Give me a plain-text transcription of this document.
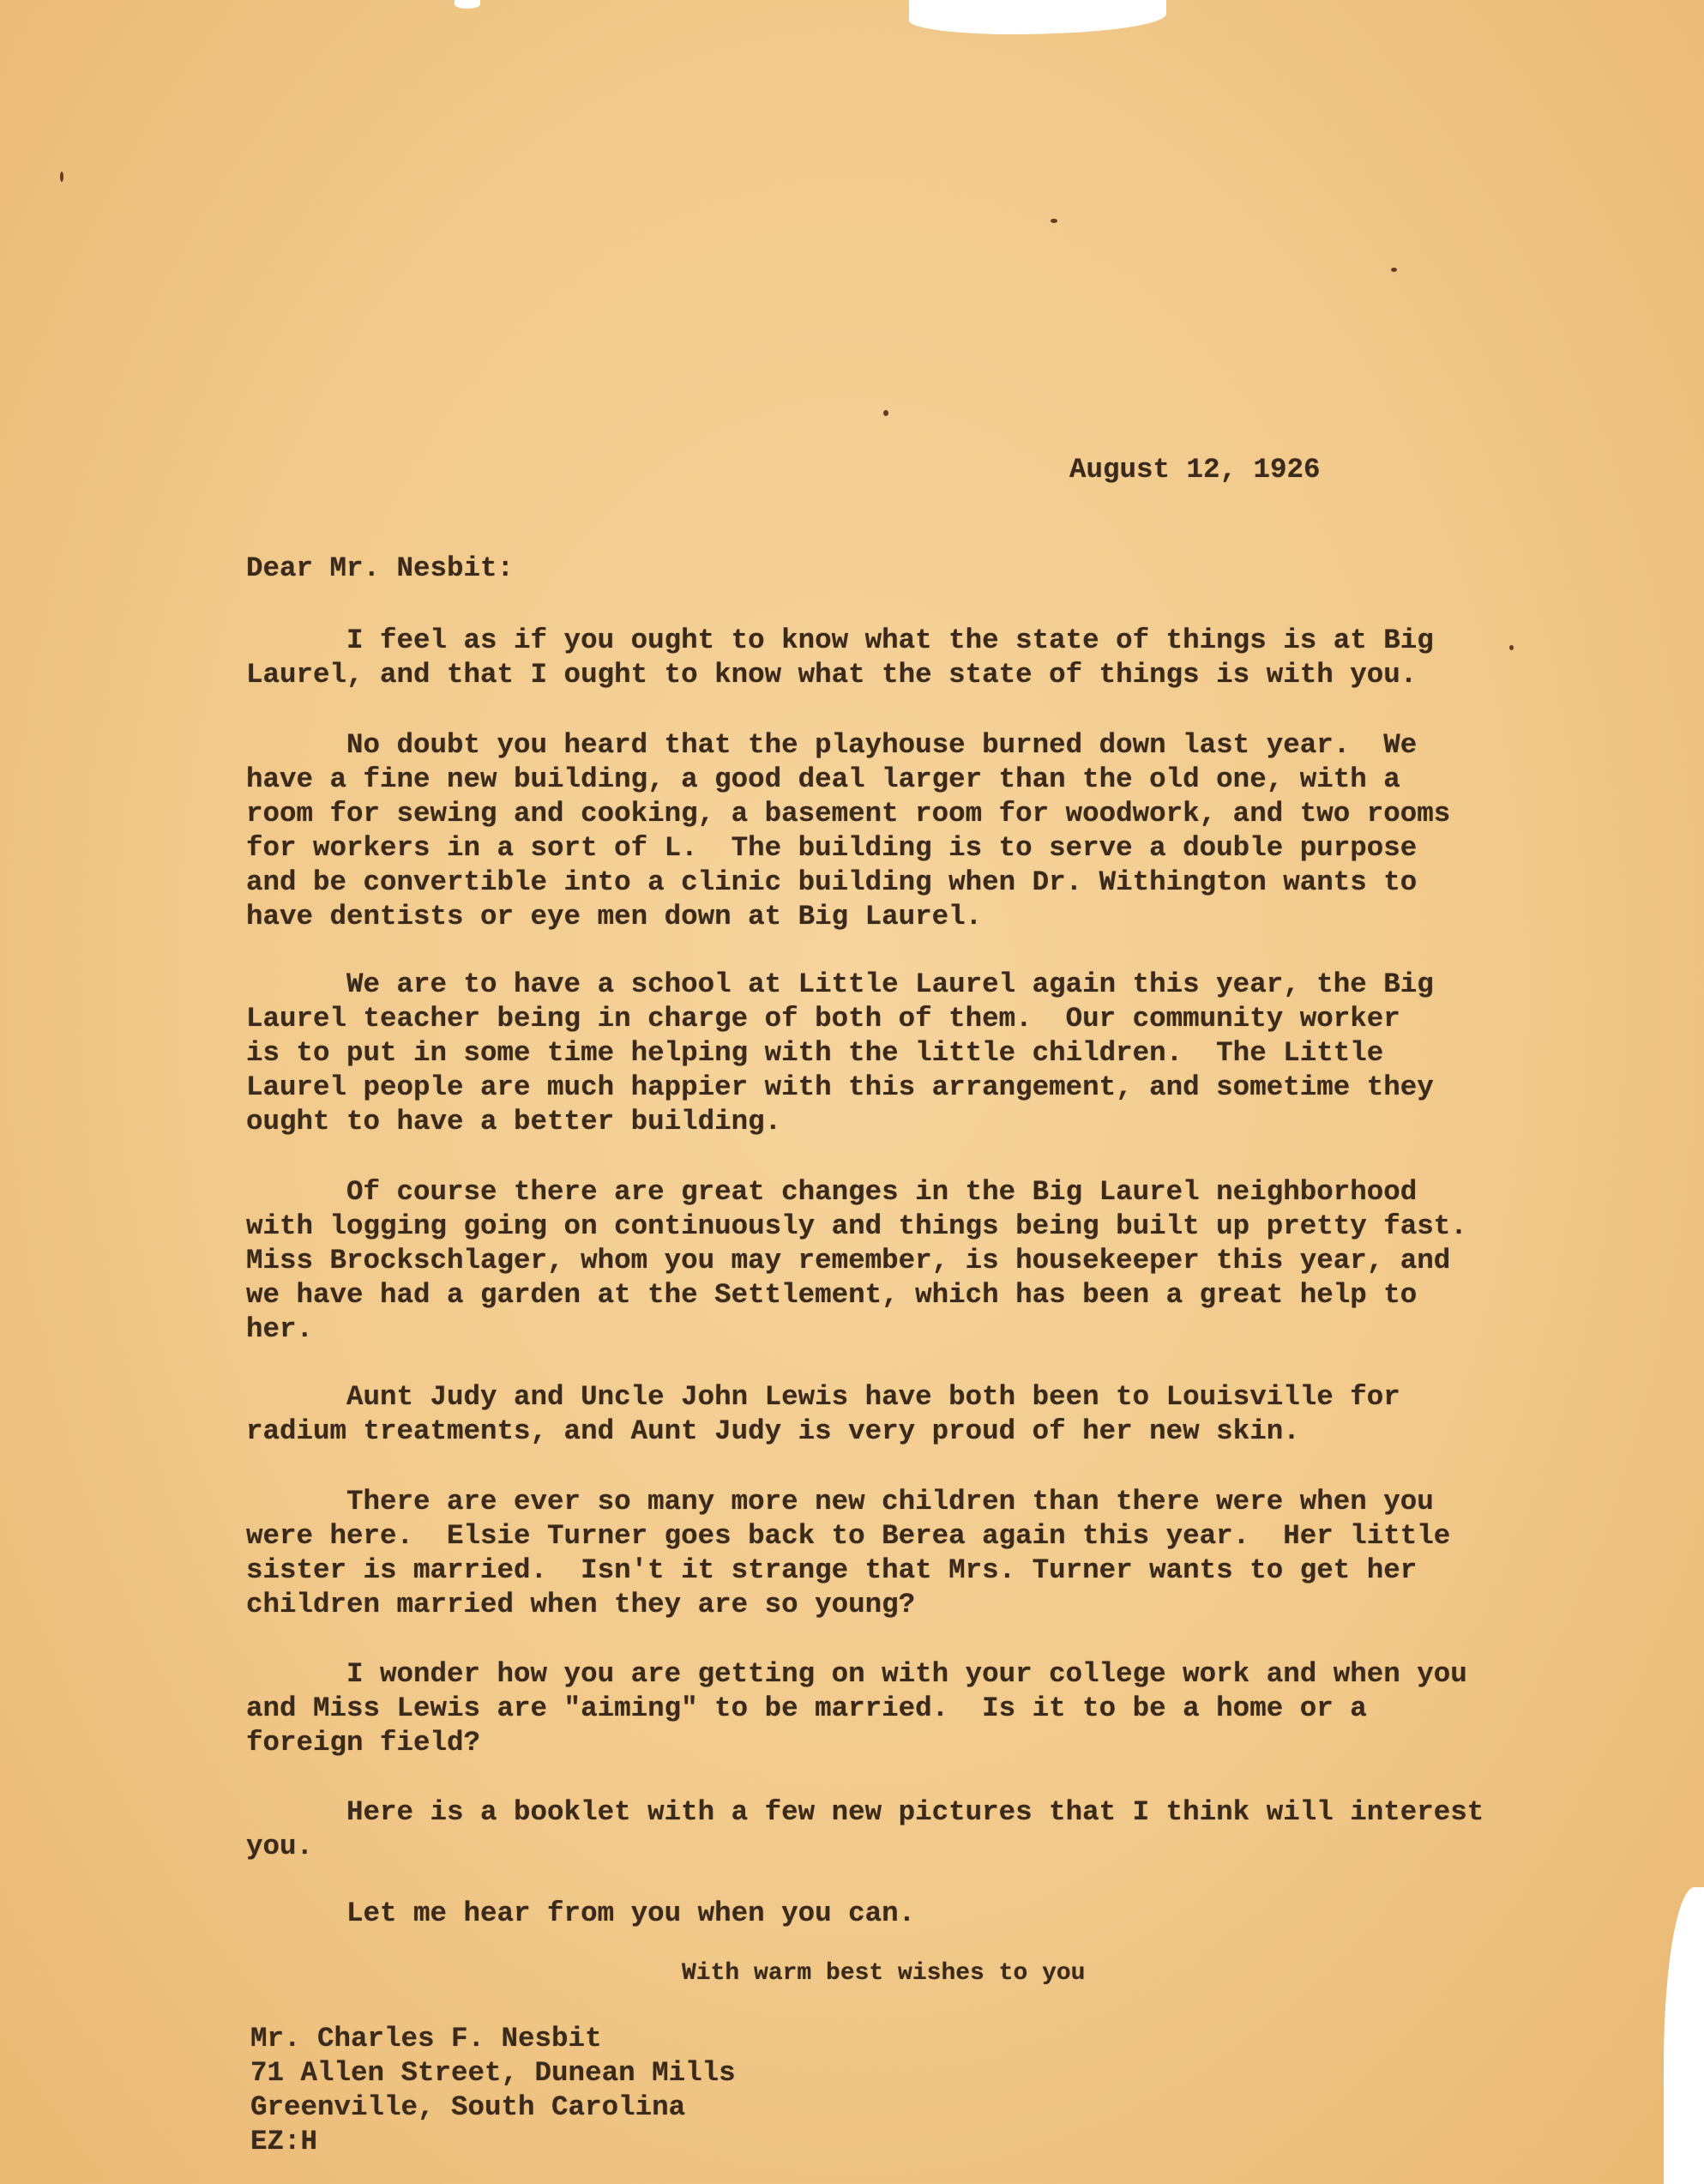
August 12, 1926
Dear Mr. Nesbit:
I feel as if you ought to know what the state of things is at Big
Laurel, and that I ought to know what the state of things is with you.
No doubt you heard that the playhouse burned down last year.  We
have a fine new building, a good deal larger than the old one, with a
room for sewing and cooking, a basement room for woodwork, and two rooms
for workers in a sort of L.  The building is to serve a double purpose
and be convertible into a clinic building when Dr. Withington wants to
have dentists or eye men down at Big Laurel.
We are to have a school at Little Laurel again this year, the Big
Laurel teacher being in charge of both of them.  Our community worker
is to put in some time helping with the little children.  The Little
Laurel people are much happier with this arrangement, and sometime they
ought to have a better building.
Of course there are great changes in the Big Laurel neighborhood
with logging going on continuously and things being built up pretty fast.
Miss Brockschlager, whom you may remember, is housekeeper this year, and
we have had a garden at the Settlement, which has been a great help to
her.
Aunt Judy and Uncle John Lewis have both been to Louisville for
radium treatments, and Aunt Judy is very proud of her new skin.
There are ever so many more new children than there were when you
were here.  Elsie Turner goes back to Berea again this year.  Her little
sister is married.  Isn't it strange that Mrs. Turner wants to get her
children married when they are so young?
I wonder how you are getting on with your college work and when you
and Miss Lewis are "aiming" to be married.  Is it to be a home or a
foreign field?
Here is a booklet with a few new pictures that I think will interest
you.
Let me hear from you when you can.
With warm best wishes to you
Mr. Charles F. Nesbit
71 Allen Street, Dunean Mills
Greenville, South Carolina
EZ:H
